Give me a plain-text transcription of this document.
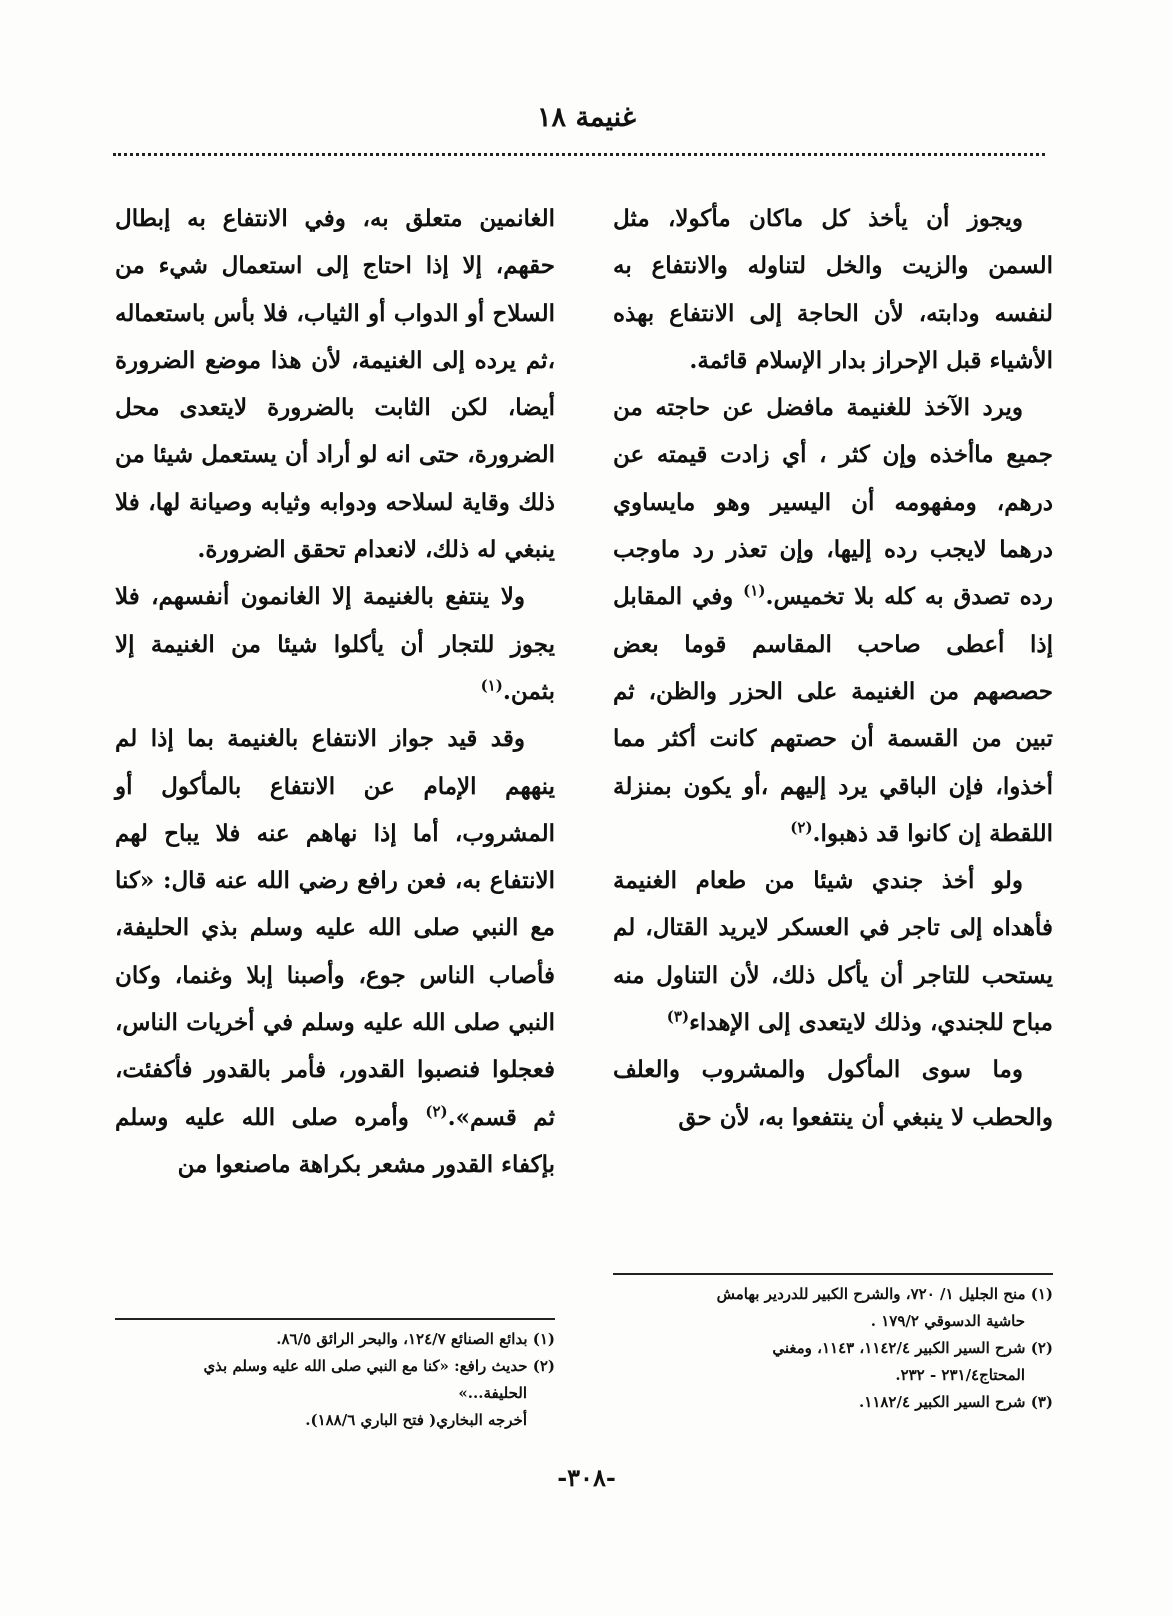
غنيمة ١٨

ويجوز أن يأخذ كل ماكان مأكولا، مثل السمن والزيت والخل لتناوله والانتفاع به لنفسه ودابته، لأن الحاجة إلى الانتفاع بهذه الأشياء قبل الإحراز بدار الإسلام قائمة.

ويرد الآخذ للغنيمة مافضل عن حاجته من جميع ماأخذه وإن كثر ، أي زادت قيمته عن درهم، ومفهومه أن اليسير وهو مايساوي درهما لايجب رده إليها، وإن تعذر رد ماوجب رده تصدق به كله بلا تخميس.$^{(١)}$ وفي المقابل إذا أعطى صاحب المقاسم قوما بعض حصصهم من الغنيمة على الحزر والظن، ثم تبين من القسمة أن حصتهم كانت أكثر مما أخذوا، فإن الباقي يرد إليهم ،أو يكون بمنزلة اللقطة إن كانوا قد ذهبوا.$^{(٢)}$

ولو أخذ جندي شيئا من طعام الغنيمة فأهداه إلى تاجر في العسكر لايريد القتال، لم يستحب للتاجر أن يأكل ذلك، لأن التناول منه مباح للجندي، وذلك لايتعدى إلى الإهداء$^{(٣)}$

وما سوى المأكول والمشروب والعلف والحطب لا ينبغي أن ينتفعوا به، لأن حق

(١) منح الجليل ١/ ٧٢٠، والشرح الكبير للدردير بهامش

حاشية الدسوقي ١٧٩/٢ .

(٢) شرح السير الكبير ١١٤٢/٤، ١١٤٣، ومغني

المحتاج٢٣١/٤ - ٢٣٢.

(٣) شرح السير الكبير ١١٨٢/٤.

الغانمين متعلق به، وفي الانتفاع به إبطال حقهم، إلا إذا احتاج إلى استعمال شيء من السلاح أو الدواب أو الثياب، فلا بأس باستعماله ،ثم يرده إلى الغنيمة، لأن هذا موضع الضرورة أيضا، لكن الثابت بالضرورة لايتعدى محل الضرورة، حتى انه لو أراد أن يستعمل شيئا من ذلك وقاية لسلاحه ودوابه وثيابه وصيانة لها، فلا ينبغي له ذلك، لانعدام تحقق الضرورة.

ولا ينتفع بالغنيمة إلا الغانمون أنفسهم، فلا يجوز للتجار أن يأكلوا شيئا من الغنيمة إلا بثمن.$^{(١)}$

وقد قيد جواز الانتفاع بالغنيمة بما إذا لم ينههم الإمام عن الانتفاع بالمأكول أو المشروب، أما إذا نهاهم عنه فلا يباح لهم الانتفاع به، فعن رافع رضي الله عنه قال: «كنا مع النبي صلى الله عليه وسلم بذي الحليفة، فأصاب الناس جوع، وأصبنا إبلا وغنما، وكان النبي صلى الله عليه وسلم في أخريات الناس، فعجلوا فنصبوا القدور، فأمر بالقدور فأكفئت، ثم قسم».$^{(٢)}$ وأمره صلى الله عليه وسلم بإكفاء القدور مشعر بكراهة ماصنعوا من

(١) بدائع الصنائع ١٢٤/٧، والبحر الرائق ٨٦/٥.

(٢) حديث رافع: «كنا مع النبي صلى الله عليه وسلم بذي

الحليفة...»

أخرجه البخاري( فتح الباري ١٨٨/٦).

-٣٠٨-
